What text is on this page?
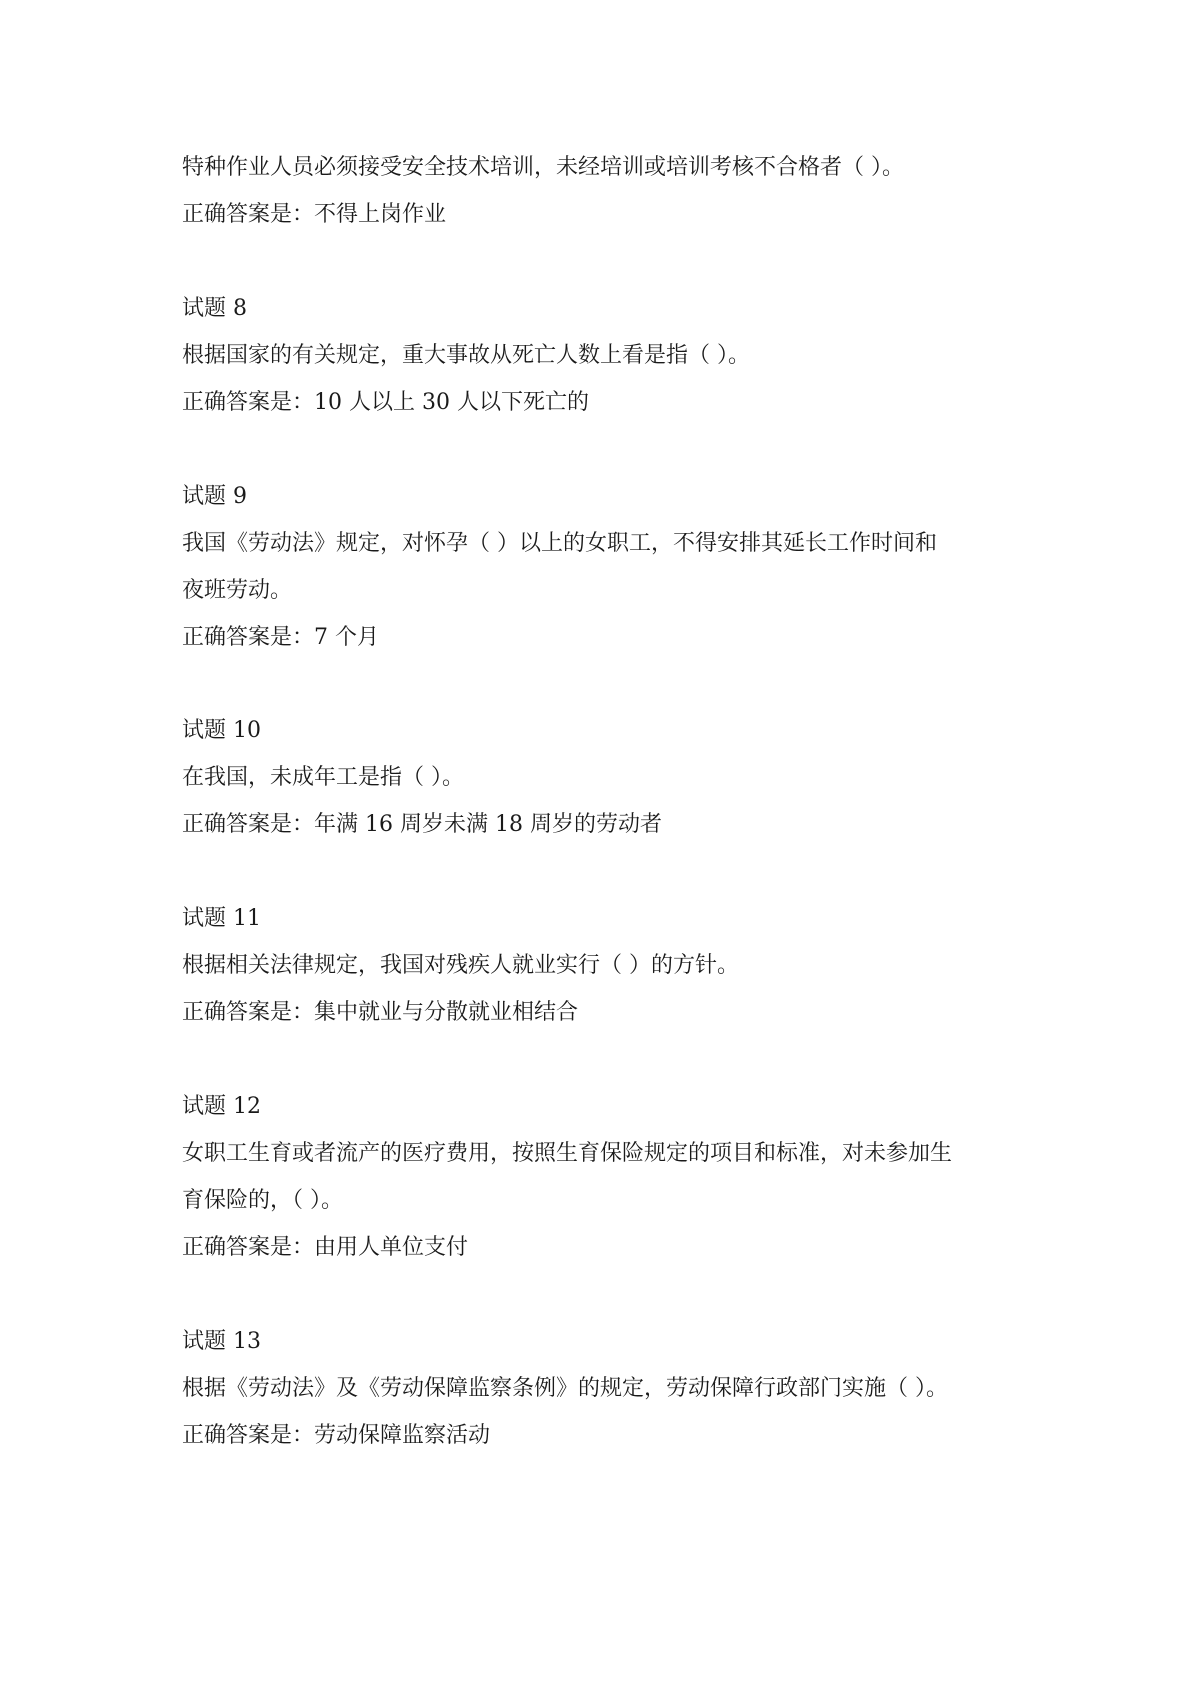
特种作业人员必须接受安全技术培训，未经培训或培训考核不合格者（ ）。
正确答案是：不得上岗作业
试题 8
根据国家的有关规定，重大事故从死亡人数上看是指（ ）。
正确答案是：10 人以上 30 人以下死亡的
试题 9
我国《劳动法》规定，对怀孕（ ）以上的女职工，不得安排其延长工作时间和
夜班劳动。
正确答案是：7 个月
试题 10
在我国，未成年工是指（ ）。
正确答案是：年满 16 周岁未满 18 周岁的劳动者
试题 11
根据相关法律规定，我国对残疾人就业实行（ ）的方针。
正确答案是：集中就业与分散就业相结合
试题 12
女职工生育或者流产的医疗费用，按照生育保险规定的项目和标准，对未参加生
育保险的，（ ）。
正确答案是：由用人单位支付
试题 13
根据《劳动法》及《劳动保障监察条例》的规定，劳动保障行政部门实施（ ）。
正确答案是：劳动保障监察活动
